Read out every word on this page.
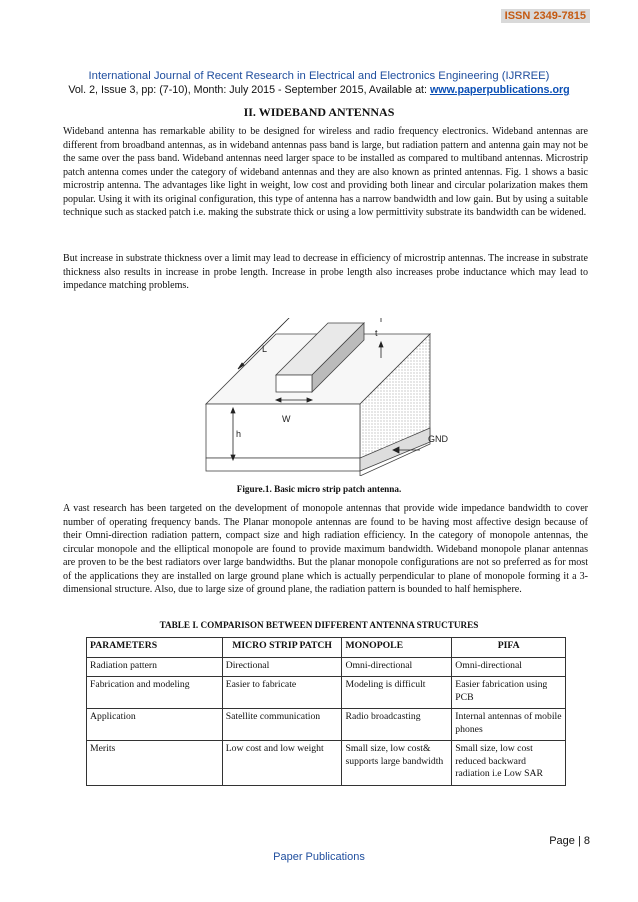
ISSN 2349-7815
International Journal of Recent Research in Electrical and Electronics Engineering (IJRREE)
Vol. 2, Issue 3, pp: (7-10), Month: July 2015 - September 2015, Available at: www.paperpublications.org
II. WIDEBAND ANTENNAS

Wideband antenna has remarkable ability to be designed for wireless and radio frequency electronics. Wideband antennas are different from broadband antennas, as in wideband antennas pass band is large, but radiation pattern and antenna gain may not be the same over the pass band. Wideband antennas need larger space to be installed as compared to multiband antennas. Microstrip patch antenna comes under the category of wideband antennas and they are also known as printed antennas. Fig. 1 shows a basic microstrip antenna. The advantages like light in weight, low cost and providing both linear and circular polarization makes them popular. Using it with its original configuration, this type of antenna has a narrow bandwidth and low gain. But by using a suitable technique such as stacked patch i.e. making the substrate thick or using a low permittivity substrate its bandwidth can be widened.

But increase in substrate thickness over a limit may lead to decrease in efficiency of microstrip antennas. The increase in substrate thickness also results in increase in probe length. Increase in probe length also increases probe inductance which may lead to impedance matching problems.

L
t
W
h	GND
Figure.1. Basic micro strip patch antenna.

A vast research has been targeted on the development of monopole antennas that provide wide impedance bandwidth to cover number of operating frequency bands. The Planar monopole antennas are found to be having most affective design because of their Omni-direction radiation pattern, compact size and high radiation efficiency. In the category of monopole antennas, the circular monopole and the elliptical monopole are found to provide maximum bandwidth. Wideband monopole planar antennas are proven to be the best radiators over large bandwidths. But the planar monopole configurations are not so preferred as for most of the applications they are installed on large ground plane which is actually perpendicular to plane of monopole forming it a 3-dimensional structure. Also, due to large size of ground plane, the radiation pattern is bounded to half hemisphere.

TABLE I. COMPARISON BETWEEN DIFFERENT ANTENNA STRUCTURES
PARAMETERS	MICRO STRIP PATCH	MONOPOLE	PIFA
Radiation pattern	Directional	Omni-directional	Omni-directional
Fabrication and modeling	Easier to fabricate	Modeling is difficult	Easier fabrication using PCB
Application	Satellite communication	Radio broadcasting	Internal antennas of mobile phones
Merits	Low cost and low weight	Small size, low cost& supports large bandwidth	Small size, low cost reduced backward radiation i.e Low SAR
Page | 8
Paper Publications
